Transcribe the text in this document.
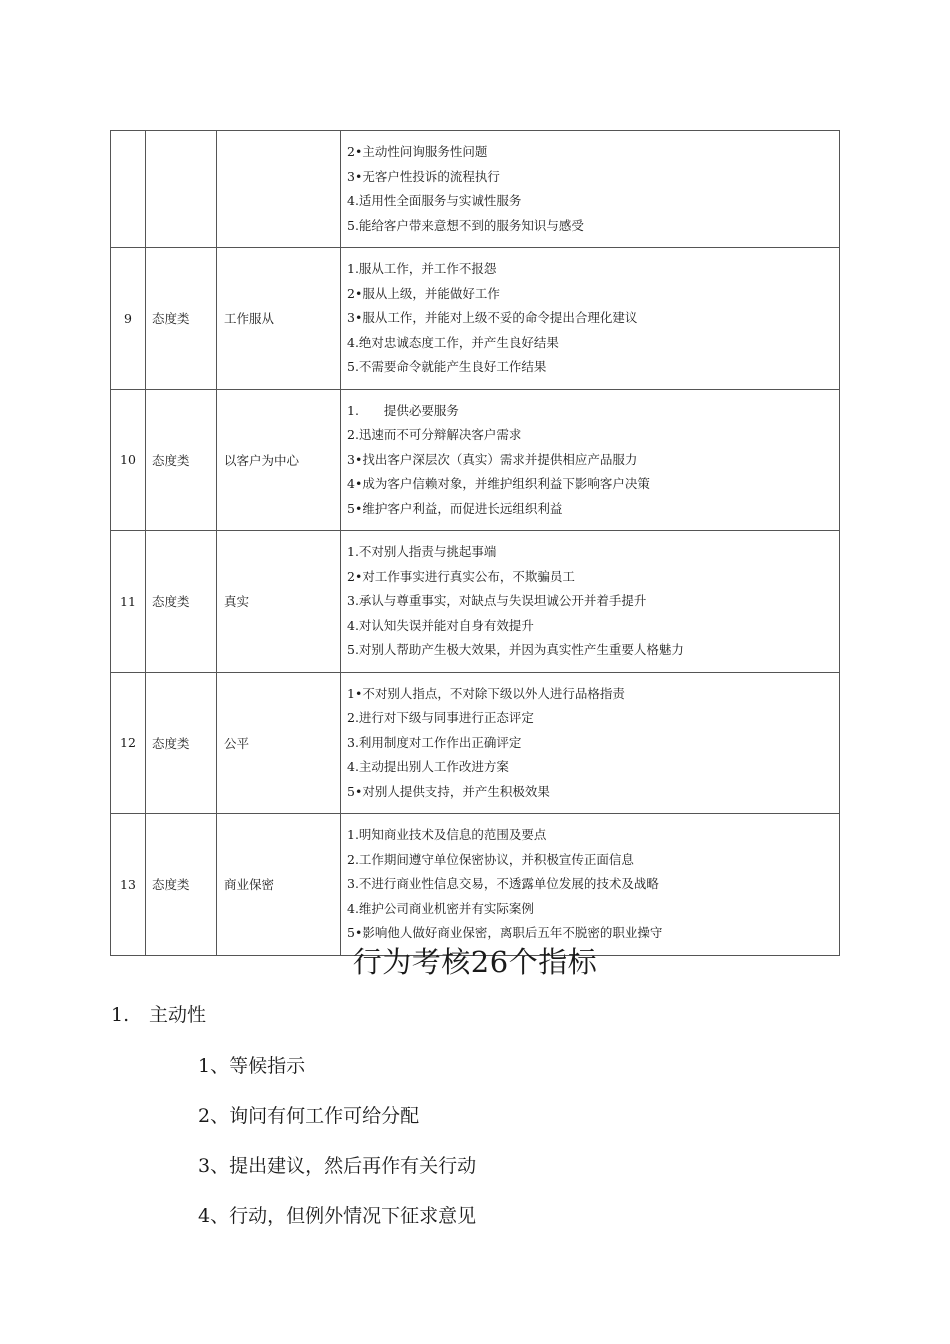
			2•主动性问询服务性问题
3•无客户性投诉的流程执行
4.适用性全面服务与实诚性服务
5.能给客户带来意想不到的服务知识与感受

9	态度类	工作服从	1.服从工作，并工作不报怨
2•服从上级，并能做好工作
3•服从工作，并能对上级不妥的命令提出合理化建议
4.绝对忠诚态度工作，并产生良好结果
5.不需要命令就能产生良好工作结果

10	态度类	以客户为中心	1.　　提供必要服务
2.迅速而不可分辩解决客户需求
3•找出客户深层次（真实）需求并提供相应产品服力
4•成为客户信赖对象，并维护组织利益下影响客户决策
5•维护客户利益，而促进长远组织利益

11	态度类	真实	1.不对别人指责与挑起事端
2•对工作事实进行真实公布，不欺骗员工
3.承认与尊重事实，对缺点与失误坦诚公开并着手提升
4.对认知失误并能对自身有效提升
5.对别人帮助产生极大效果，并因为真实性产生重要人格魅力

12	态度类	公平	1•不对别人指点，不对除下级以外人进行品格指责
2.进行对下级与同事进行正态评定
3.利用制度对工作作出正确评定
4.主动提出别人工作改进方案
5•对别人提供支持，并产生积极效果

13	态度类	商业保密	1.明知商业技术及信息的范围及要点
2.工作期间遵守单位保密协议，并积极宣传正面信息
3.不进行商业性信息交易，不透露单位发展的技术及战略
4.维护公司商业机密并有实际案例
5•影响他人做好商业保密，离职后五年不脱密的职业操守
行为考核26个指标
1. 主动性
1、等候指示
2、询问有何工作可给分配
3、提出建议，然后再作有关行动
4、行动，但例外情况下征求意见
